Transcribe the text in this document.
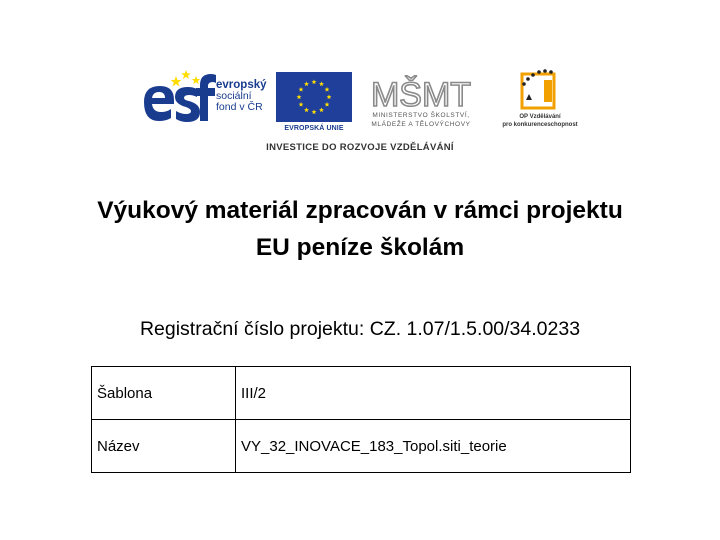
evropský
sociální
fond v ČR
EVROPSKÁ UNIE
MŠMT
MINISTERSTVO ŠKOLSTVÍ,
MLÁDEŽE A TĚLOVÝCHOVY
OP Vzdělávání
pro konkurenceschopnost
INVESTICE DO ROZVOJE VZDĚLÁVÁNÍ
Výukový materiál zpracován v rámci projektu
EU peníze školám
Registrační číslo projektu: CZ. 1.07/1.5.00/34.0233
Šablona	III/2
Název	VY_32_INOVACE_183_Topol.siti_teorie
